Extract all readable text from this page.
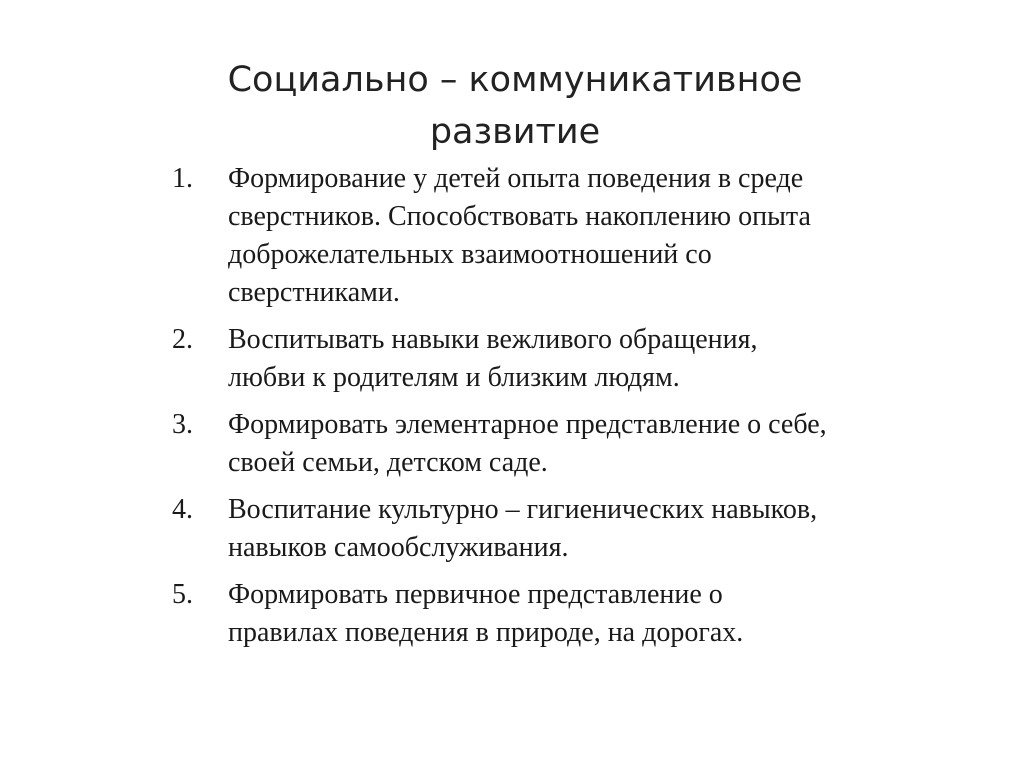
Социально – коммуникативное
развитие
1.	Формирование у детей опыта поведения в среде
сверстников. Способствовать накоплению опыта
доброжелательных взаимоотношений со
сверстниками.
2.	Воспитывать навыки вежливого обращения,
любви к родителям и близким людям.
3.	Формировать элементарное представление о себе,
своей семьи, детском саде.
4.	Воспитание культурно – гигиенических навыков,
навыков самообслуживания.
5.	Формировать первичное представление о
правилах поведения в природе, на дорогах.
